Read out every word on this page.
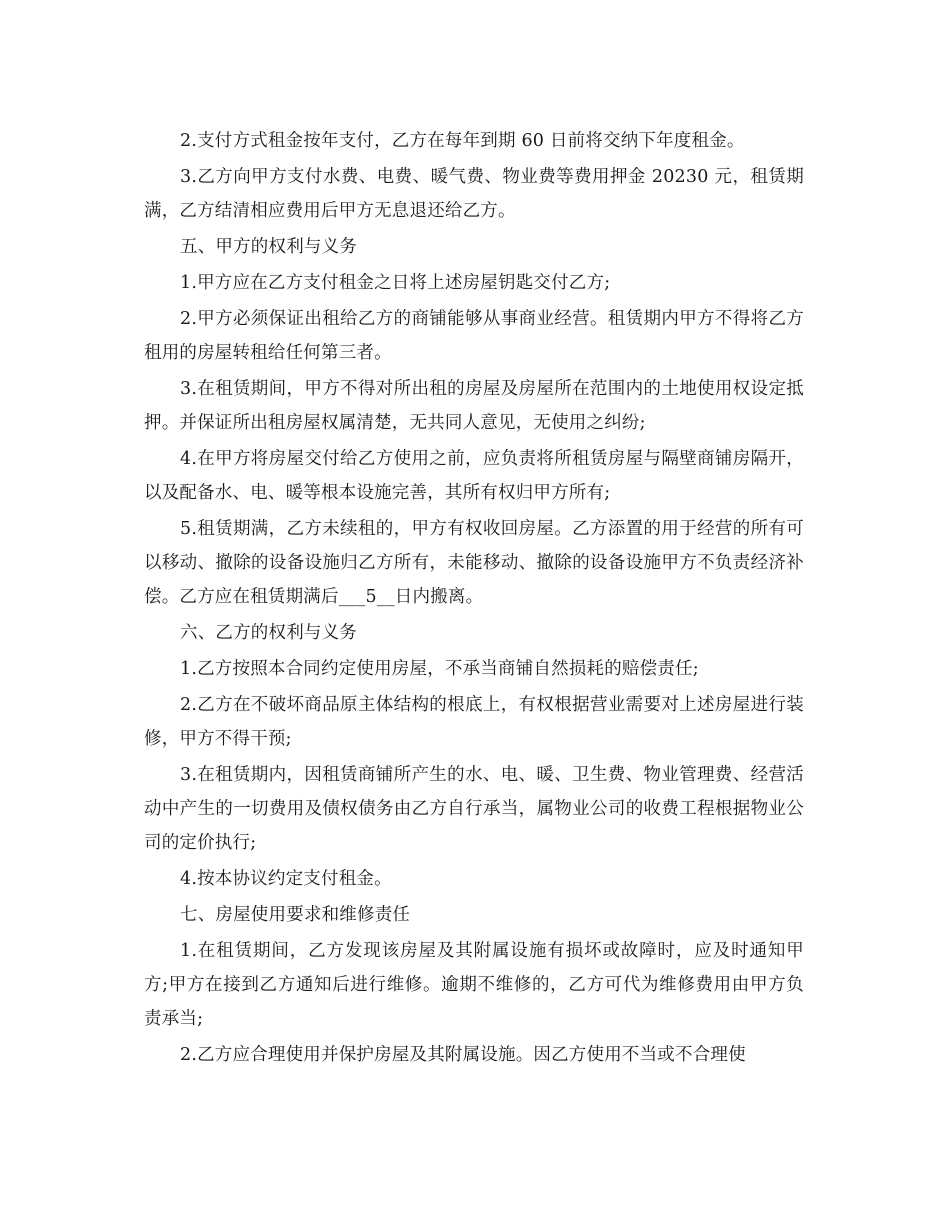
2.支付方式租金按年支付，乙方在每年到期 60 日前将交纳下年度租金。

3.乙方向甲方支付水费、电费、暖气费、物业费等费用押金 20230 元，租赁期满，乙方结清相应费用后甲方无息退还给乙方。

五、甲方的权利与义务

1.甲方应在乙方支付租金之日将上述房屋钥匙交付乙方;

2.甲方必须保证出租给乙方的商铺能够从事商业经营。租赁期内甲方不得将乙方租用的房屋转租给任何第三者。

3.在租赁期间，甲方不得对所出租的房屋及房屋所在范围内的土地使用权设定抵押。并保证所出租房屋权属清楚，无共同人意见，无使用之纠纷;

4.在甲方将房屋交付给乙方使用之前，应负责将所租赁房屋与隔壁商铺房隔开，以及配备水、电、暖等根本设施完善，其所有权归甲方所有;

5.租赁期满，乙方未续租的，甲方有权收回房屋。乙方添置的用于经营的所有可以移动、撤除的设备设施归乙方所有，未能移动、撤除的设备设施甲方不负责经济补偿。乙方应在租赁期满后___5__日内搬离。

六、乙方的权利与义务

1.乙方按照本合同约定使用房屋，不承当商铺自然损耗的赔偿责任;

2.乙方在不破坏商品原主体结构的根底上，有权根据营业需要对上述房屋进行装修，甲方不得干预;

3.在租赁期内，因租赁商铺所产生的水、电、暖、卫生费、物业管理费、经营活动中产生的一切费用及债权债务由乙方自行承当，属物业公司的收费工程根据物业公司的定价执行;

4.按本协议约定支付租金。

七、房屋使用要求和维修责任

1.在租赁期间，乙方发现该房屋及其附属设施有损坏或故障时，应及时通知甲方;甲方在接到乙方通知后进行维修。逾期不维修的，乙方可代为维修费用由甲方负责承当;

2.乙方应合理使用并保护房屋及其附属设施。因乙方使用不当或不合理使
